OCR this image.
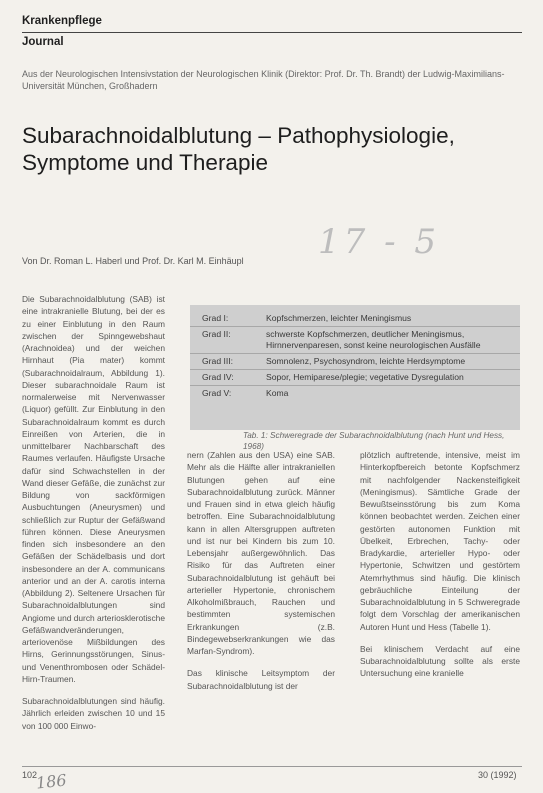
Krankenpflege
Journal
Aus der Neurologischen Intensivstation der Neurologischen Klinik (Direktor: Prof. Dr. Th. Brandt) der Ludwig-Maximilians-Universität München, Großhadern
Subarachnoidalblutung – Pathophysiologie, Symptome und Therapie
17 - 5
Von Dr. Roman L. Haberl und Prof. Dr. Karl M. Einhäupl

Die Subarachnoidalblutung (SAB) ist eine intrakranielle Blutung, bei der es zu einer Einblutung in den Raum zwischen der Spinngewebshaut (Arachnoidea) und der weichen Hirnhaut (Pia mater) kommt (Subarachnoidalraum, Abbildung 1). Dieser subarachnoidale Raum ist normalerweise mit Nervenwasser (Liquor) gefüllt. Zur Einblutung in den Subarachnoidalraum kommt es durch Einreißen von Arterien, die in unmittelbarer Nachbarschaft des Raumes verlaufen. Häufigste Ursache dafür sind Schwachstellen in der Wand dieser Gefäße, die zunächst zur Bildung von sackförmigen Ausbuchtungen (Aneurysmen) und schließlich zur Ruptur der Gefäßwand führen können. Diese Aneurysmen finden sich insbesondere an den Gefäßen der Schädelbasis und dort insbesondere an der A. communicans anterior und an der A. carotis interna (Abbildung 2). Seltenere Ursachen für Subarachnoidalblutungen sind Angiome und durch arteriosklerotische Gefäßwandveränderungen, arteriovenöse Mißbildungen des Hirns, Gerinnungsstörungen, Sinus- und Venenthrombosen oder Schädel-Hirn-Traumen.

Subarachnoidalblutungen sind häufig. Jährlich erleiden zwischen 10 und 15 von 100 000 Einwo-

Grad I:	Kopfschmerzen, leichter Meningismus
Grad II:	schwerste Kopfschmerzen, deutlicher Meningismus, Hirnnervenparesen, sonst keine neurologischen Ausfälle
Grad III:	Somnolenz, Psychosyndrom, leichte Herdsymptome
Grad IV:	Sopor, Hemiparese/plegie; vegetative Dysregulation
Grad V:	Koma
Tab. 1: Schweregrade der Subarachnoidalblutung (nach Hunt und Hess, 1968)

nern (Zahlen aus den USA) eine SAB. Mehr als die Hälfte aller intrakraniellen Blutungen gehen auf eine Subarachnoidalblutung zurück. Männer und Frauen sind in etwa gleich häufig betroffen. Eine Subarachnoidalblutung kann in allen Altersgruppen auftreten und ist nur bei Kindern bis zum 10. Lebensjahr außergewöhnlich. Das Risiko für das Auftreten einer Subarachnoidalblutung ist gehäuft bei arterieller Hypertonie, chronischem Alkoholmißbrauch, Rauchen und bestimmten systemischen Erkrankungen (z.B. Bindegewebserkrankungen wie das Marfan-Syndrom).

Das klinische Leitsymptom der Subarachnoidalblutung ist der

plötzlich auftretende, intensive, meist im Hinterkopfbereich betonte Kopfschmerz mit nachfolgender Nackensteifigkeit (Meningismus). Sämtliche Grade der Bewußtseinsstörung bis zum Koma können beobachtet werden. Zeichen einer gestörten autonomen Funktion mit Übelkeit, Erbrechen, Tachy- oder Bradykardie, arterieller Hypo- oder Hypertonie, Schwitzen und gestörtem Atemrhythmus sind häufig. Die klinisch gebräuchliche Einteilung der Subarachnoidalblutung in 5 Schweregrade folgt dem Vorschlag der amerikanischen Autoren Hunt und Hess (Tabelle 1).

Bei klinischem Verdacht auf eine Subarachnoidalblutung sollte als erste Untersuchung eine kranielle

102
186	30 (1992)
